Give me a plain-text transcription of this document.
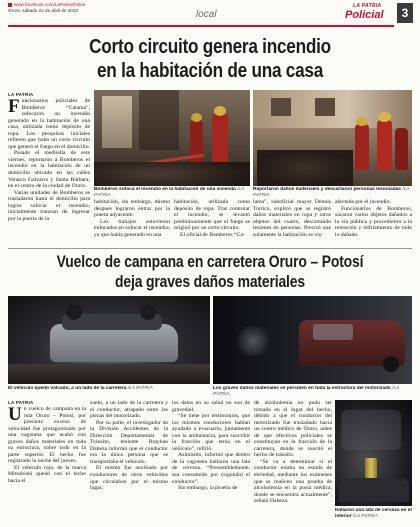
www.facebook.com/LaPatriaOnline
Oruro, sábado 22 de abril de 2023	local
LA PATRIA
Policial	3
Corto circuito genera incendio
en la habitación de una casa
LA PATRIA
F uncionarios policiales de Bomberos “Calama”, sofocaron un incendio generado en la habitación de una casa, utilizada como depósito de ropa. Los pesquisas iniciales refieren que hubo un corto circuito que generó el fuego en el domicilio.

Pasado el mediodía de este viernes, reportaron a Bomberos el incendio en la habitación de un domicilio ubicado en las calles Velasco Galvarro y Santa Bárbara, en el centro de la ciudad de Oruro.

Varias unidades de Bomberos se trasladaron hasta el domicilio para lograr sofocar el incendio, inicialmente trataron de ingresar por la puerta de la

Bomberos sofoca el incendio en la habitación de una vivienda /LA PATRIA
Reportaron daños materiales y descartaron personas lesionadas /LA PATRIA

habitación, sin embargo, mismo después lograron entrar por la puerta adyacente.

Los trabajos estuvieron enfocados en sofocar el incendio, ya que había generado en una

habitación, utilizada como depósito de ropa. Tras controlar el incendio, se levantó preliminarmente que el fuego se originó por un corto circuito.

El oficial de Bomberos “Ca-

lama”, suboficial mayor Dennis Torrico, explicó que se registró daños materiales en ropa y otros objetos del cuarto, descartando lesiones en personas. Precisó que solamente la habitación se vio

afectada por el incendio.

Funcionarios de Bomberos, sacaron varios objetos dañados a la vía pública y procedieron a la remoción y enfriamiento de todo lo dañado.

Vuelco de campana en carretera Oruro – Potosí
deja graves daños materiales
El vehículo quedó volcado, a un lado de la carretera /LA PATRIA	Los graves daños materiales se perciben en toda la estructura del motorizado /LA PATRIA
LA PATRIA
U n vuelco de campana en la ruta Oruro – Potosí, por presunto exceso de velocidad fue protagonizado por una vagoneta que acabó con graves daños materiales en toda su estructura, sobre todo en la parte superior. El hecho fue registrado la noche del jueves.

El vehículo rojo, de la marca Mitsubishi quedó con el techo hacia el

suelo, a un lado de la carretera y el conductor, atrapado entre las piezas del motorizado.

Por su parte, el investigador de la División Accidentes de la Dirección Departamental de Tránsito, teniente Brayhan Dabeza informó que el conductor era la única persona que se transportaba el vehículo.

El mismo fue auxiliado por conductores de otros vehículos que circulaban por el mismo lugar;

los datos en su salud no son de gravedad.

“Se tiene por testimonios, que los mismos conductores habían ayudado a evacuarlo, juntamente con la ambulancia, para suscribir la fracción que tenía en el vehículo”, refirió.

Asimismo, informó que dentro de la vagoneta hallaron una lata de cerveza. “Presumiblemente, sea consumido por (sigunda) el conductor”.

Sin embargo, la prueba de

de alcoholemia no pudo ser tomada en el lugar del hecho, debido a que el conductor del motorizado fue trasladado hacia un centro médico de Oruro, antes de que efectivos policiales se constituyan en la fracción de la carretera, donde se suscitó el hecho de tránsito.

“Se va a determinar si el conductor estaba en estado de ebriedad, mediante los exámenes que se realicen una prueba de alcoholemia en la posta médica, donde se encuentra actualmente”, señaló Dabeza.

Hallaron una lata de cerveza en el interior /LA PATRIA
